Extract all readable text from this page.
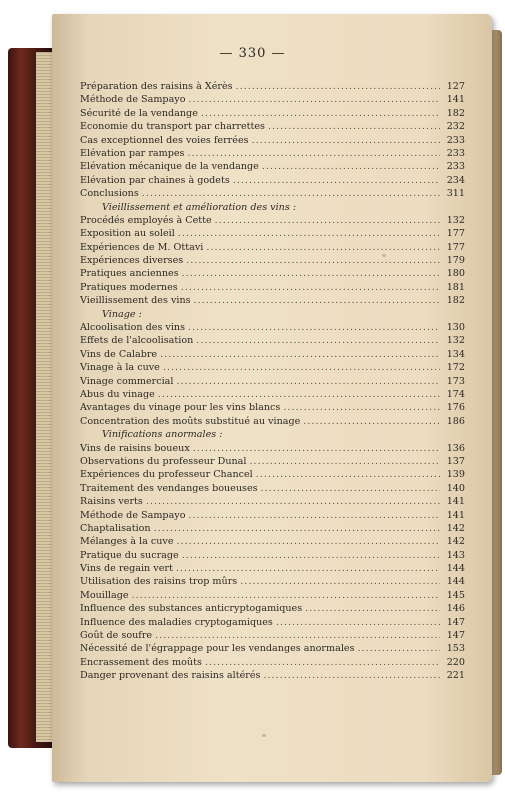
— 330 —
Préparation des raisins à Xérès .....	127
Méthode de Sampayo .....	141
Sécurité de la vendange .....	182
Economie du transport par charrettes .....	232
Cas exceptionnel des voies ferrées .....	233
Elévation par rampes .....	233
Elévation mécanique de la vendange .....	233
Elévation par chaines à godets .....	234
Conclusions .....	311
Vieillissement et amélioration des vins :
Procédés employés à Cette .....	132
Exposition au soleil .....	177
Expériences de M. Ottavi .....	177
Expériences diverses .....	179
Pratiques anciennes .....	180
Pratiques modernes .....	181
Vieillissement des vins .....	182
Vinage :
Alcoolisation des vins .....	130
Effets de l'alcoolisation .....	132
Vins de Calabre .....	134
Vinage à la cuve .....	172
Vinage commercial .....	173
Abus du vinage .....	174
Avantages du vinage pour les vins blancs .....	176
Concentration des moûts substitué au vinage .....	186
Vinifications anormales :
Vins de raisins boueux .....	136
Observations du professeur Dunal .....	137
Expériences du professeur Chancel .....	139
Traitement des vendanges boueuses .....	140
Raisins verts .....	141
Méthode de Sampayo .....	141
Chaptalisation .....	142
Mélanges à la cuve .....	142
Pratique du sucrage .....	143
Vins de regain vert .....	144
Utilisation des raisins trop mûrs .....	144
Mouillage .....	145
Influence des substances anticryptogamiques .....	146
Influence des maladies cryptogamiques .....	147
Goût de soufre .....	147
Nécessité de l'égrappage pour les vendanges anormales .....	153
Encrassement des moûts .....	220
Danger provenant des raisins altérés .....	221
